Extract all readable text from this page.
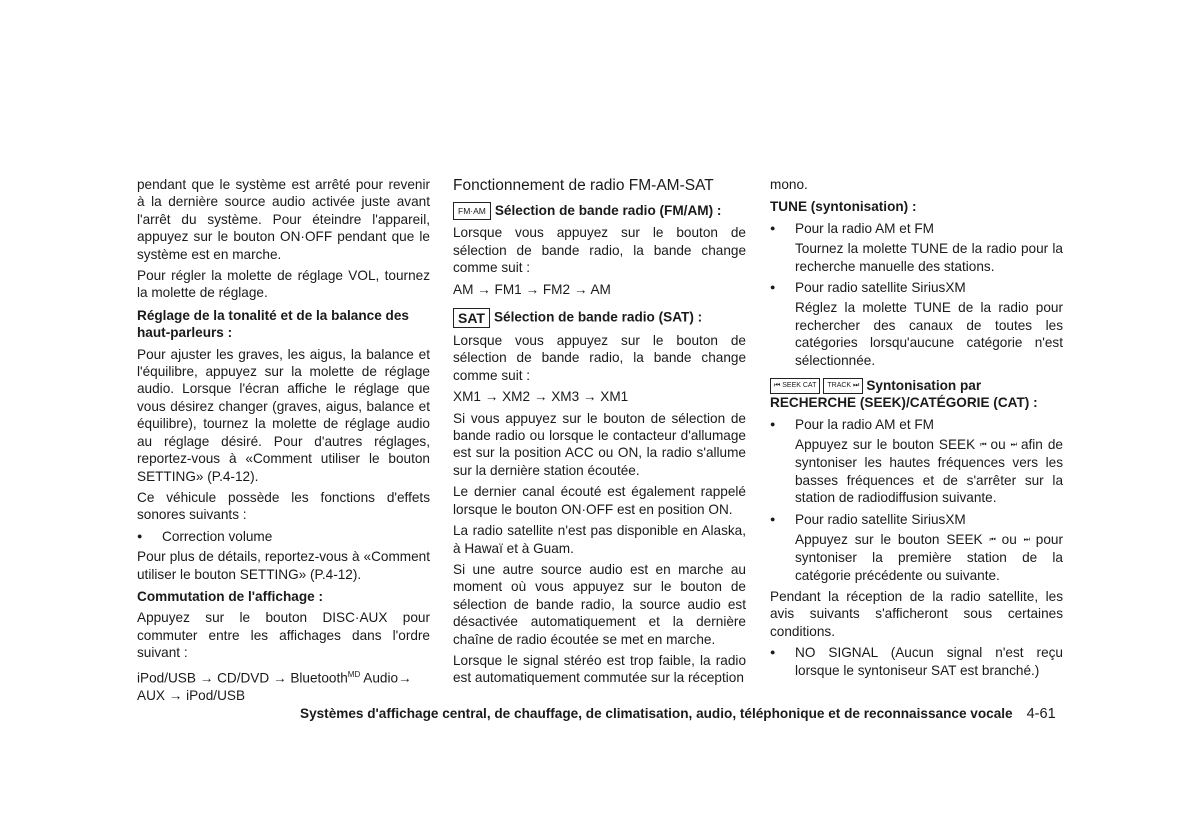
pendant que le système est arrêté pour revenir à la dernière source audio activée juste avant l'arrêt du système. Pour éteindre l'appareil, appuyez sur le bouton ON·OFF pendant que le système est en marche.

Pour régler la molette de réglage VOL, tournez la molette de réglage.

Réglage de la tonalité et de la balance des haut-parleurs :

Pour ajuster les graves, les aigus, la balance et l'équilibre, appuyez sur la molette de réglage audio. Lorsque l'écran affiche le réglage que vous désirez changer (graves, aigus, balance et équilibre), tournez la molette de réglage audio au réglage désiré. Pour d'autres réglages, reportez-vous à «Comment utiliser le bouton SETTING» (P.4-12).

Ce véhicule possède les fonctions d'effets sonores suivants :

● Correction volume

Pour plus de détails, reportez-vous à «Comment utiliser le bouton SETTING» (P.4-12).

Commutation de l'affichage :

Appuyez sur le bouton DISC·AUX pour commuter entre les affichages dans l'ordre suivant :

iPod/USB → CD/DVD → Bluetooth$^{MD}$ Audio→ AUX → iPod/USB

Fonctionnement de radio FM-AM-SAT

FM·AM Sélection de bande radio (FM/AM) :

Lorsque vous appuyez sur le bouton de sélection de bande radio, la bande change comme suit :

AM → FM1 → FM2 → AM

SAT Sélection de bande radio (SAT) :

Lorsque vous appuyez sur le bouton de sélection de bande radio, la bande change comme suit :

XM1 → XM2 → XM3 → XM1

Si vous appuyez sur le bouton de sélection de bande radio ou lorsque le contacteur d'allumage est sur la position ACC ou ON, la radio s'allume sur la dernière station écoutée.

Le dernier canal écouté est également rappelé lorsque le bouton ON·OFF est en position ON.

La radio satellite n'est pas disponible en Alaska, à Hawaï et à Guam.

Si une autre source audio est en marche au moment où vous appuyez sur le bouton de sélection de bande radio, la source audio est désactivée automatiquement et la dernière chaîne de radio écoutée se met en marche.

Lorsque le signal stéréo est trop faible, la radio est automatiquement commutée sur la réception

mono.

TUNE (syntonisation) :

● Pour la radio AM et FM

Tournez la molette TUNE de la radio pour la recherche manuelle des stations.

● Pour radio satellite SiriusXM

Réglez la molette TUNE de la radio pour rechercher des canaux de toutes les catégories lorsqu'aucune catégorie n'est sélectionnée.

⏮ SEEK CAT TRACK ⏭ Syntonisation par RECHERCHE (SEEK)/CATÉGORIE (CAT) :

● Pour la radio AM et FM

Appuyez sur le bouton SEEK ⏮ ou ⏭ afin de syntoniser les hautes fréquences vers les basses fréquences et de s'arrêter sur la station de radiodiffusion suivante.

● Pour radio satellite SiriusXM

Appuyez sur le bouton SEEK ⏮ ou ⏭ pour syntoniser la première station de la catégorie précédente ou suivante.

Pendant la réception de la radio satellite, les avis suivants s'afficheront sous certaines conditions.

● NO SIGNAL (Aucun signal n'est reçu lorsque le syntoniseur SAT est branché.)
Systèmes d'affichage central, de chauffage, de climatisation, audio, téléphonique et de reconnaissance vocale 4-61
